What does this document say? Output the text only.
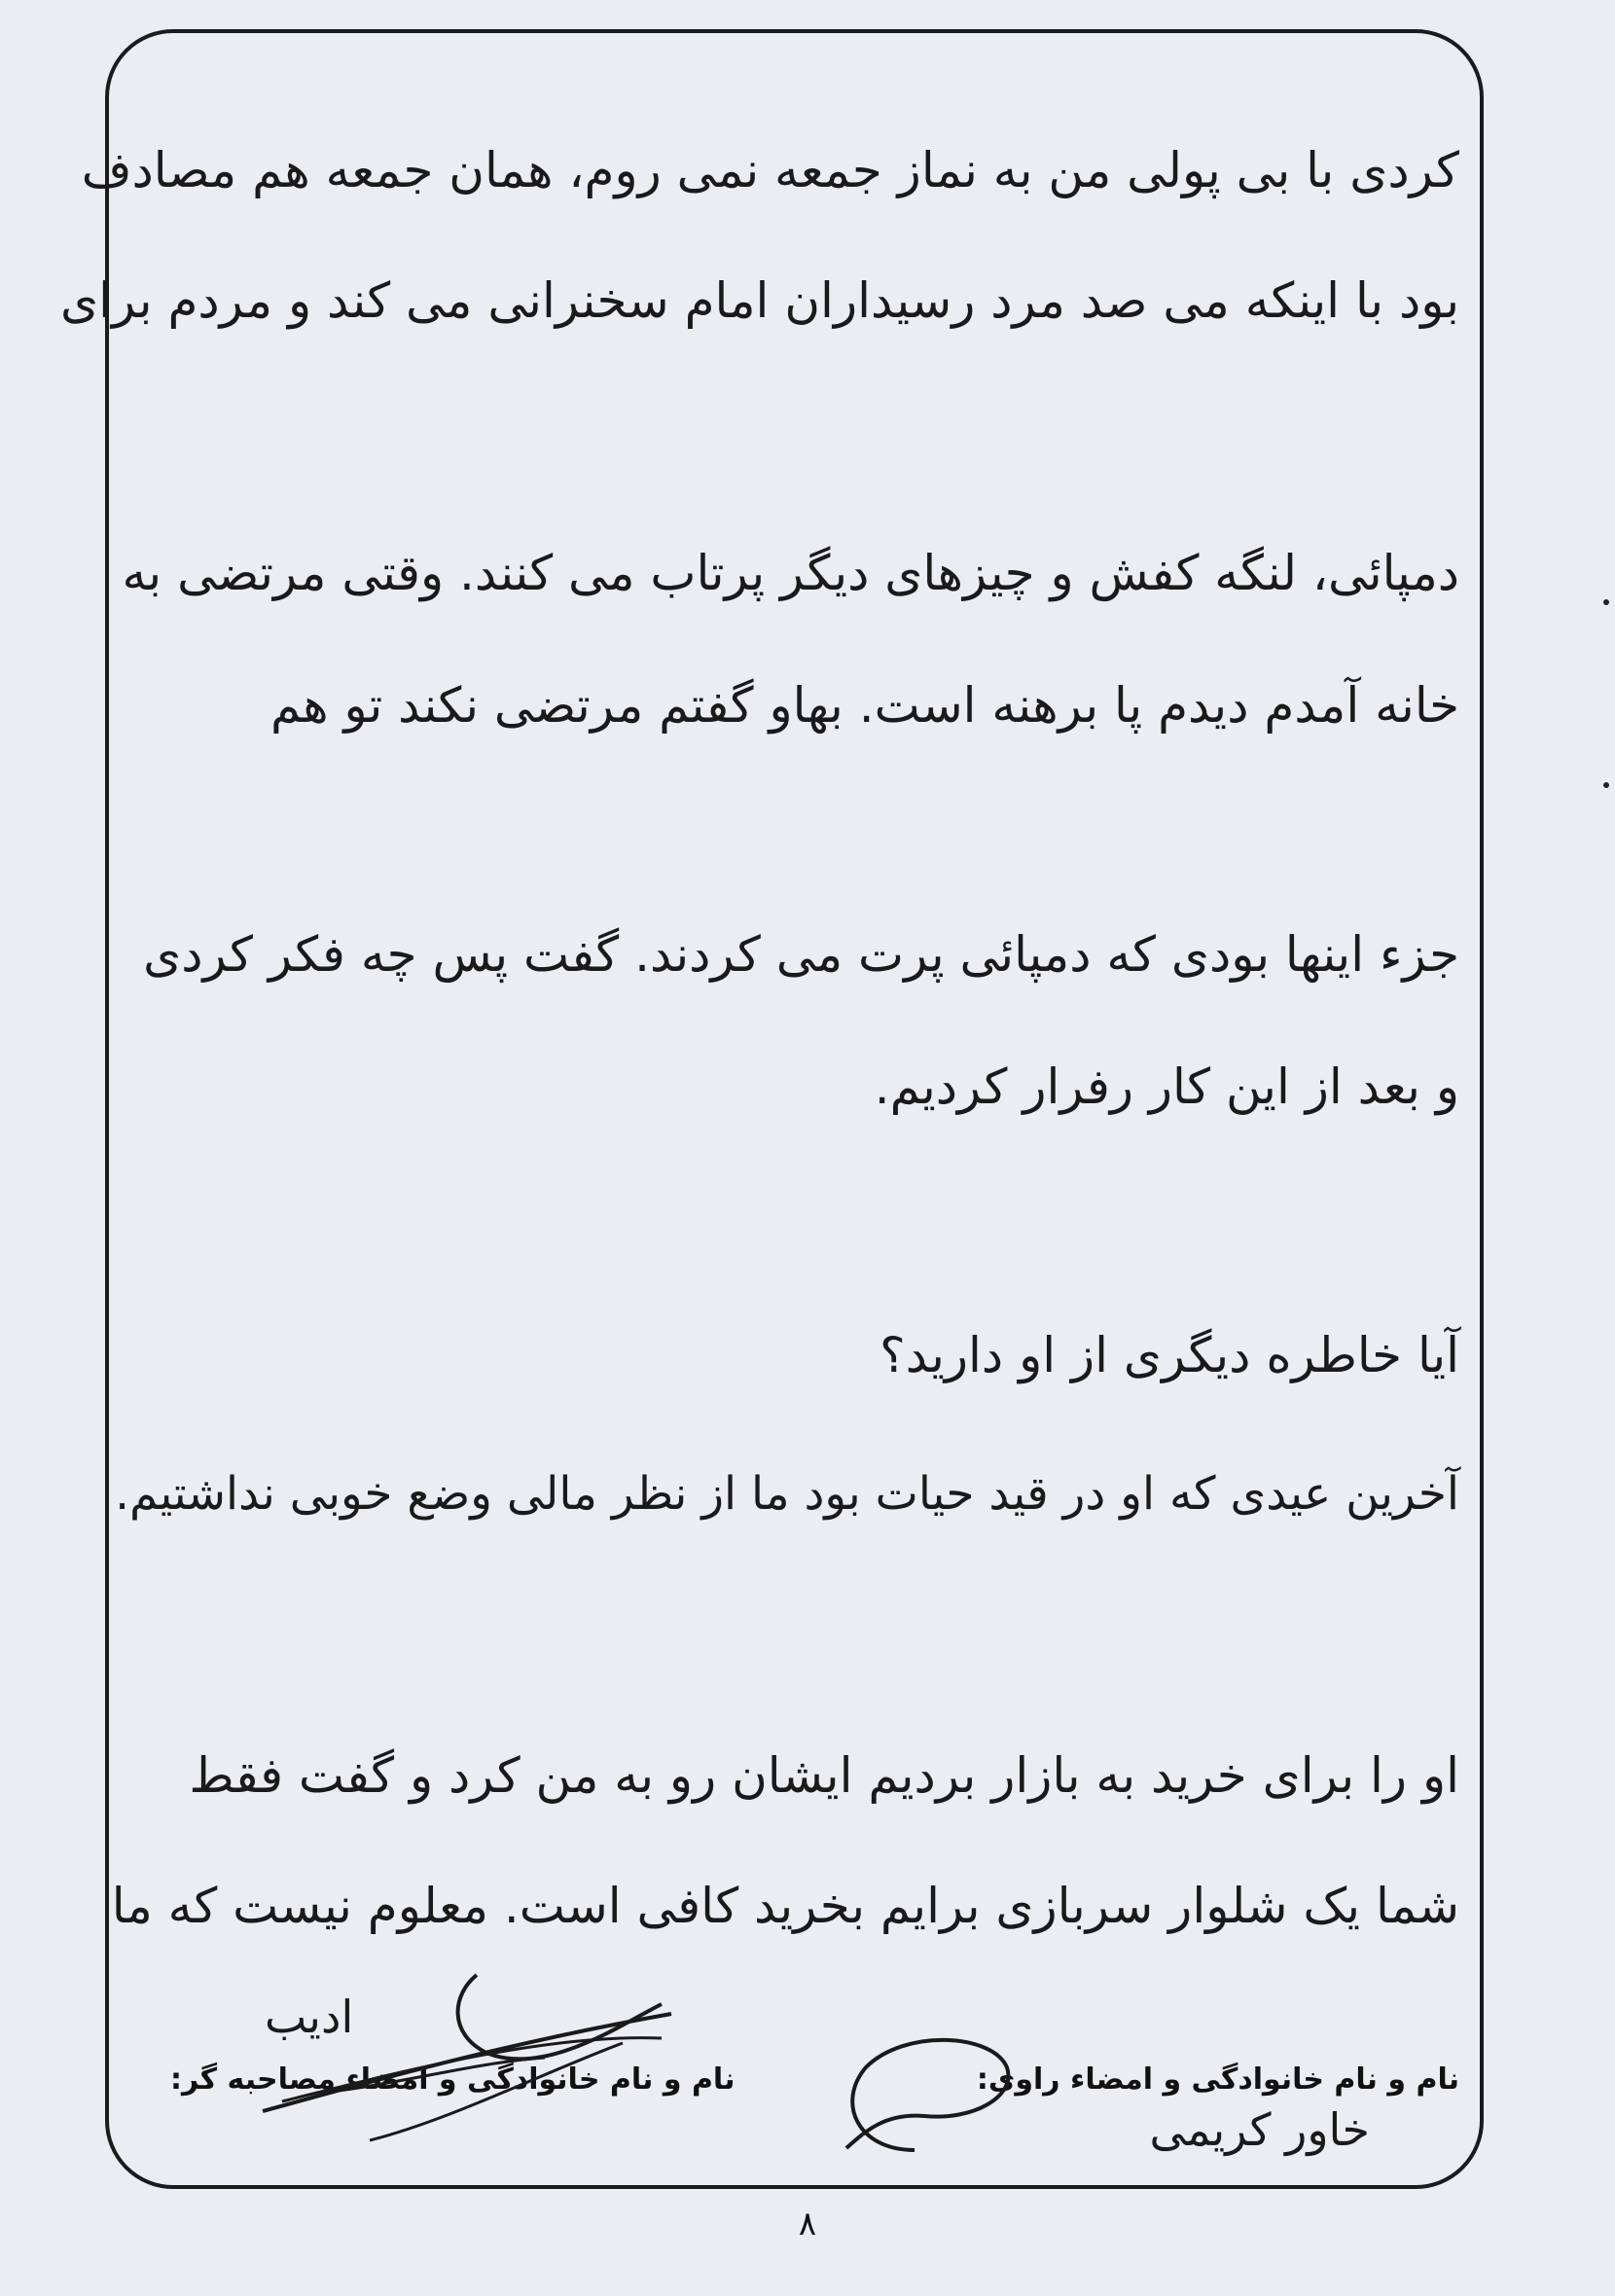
کردی با بی پولی من به نماز جمعه نمی روم، همان جمعه هم مصادف
بود با اینکه می صد مرد رسیداران امام سخنرانی می کند و مردم برای
دمپائی، لنگه کفش و چیزهای دیگر پرتاب می کنند. وقتی مرتضی به
خانه آمدم دیدم پا برهنه است. بهاو گفتم مرتضی نکند تو هم
جزء اینها بودی که دمپائی پرت می کردند. گفت پس چه فکر کردی
و بعد از این کار رفرار کردیم.
آیا خاطره دیگری از او دارید؟
آخرین عیدی که او در قید حیات بود ما از نظر مالی وضع خوبی نداشتیم.
او را برای خرید به بازار بردیم ایشان رو به من کرد و گفت فقط
شما یک شلوار سربازی برایم بخرید کافی است. معلوم نیست که ما
نام و نام خانوادگی و امضاء راوی:
نام و نام خانوادگی و امضاء مصاحبه گر:
خاور کریمی
ادیب
۸
